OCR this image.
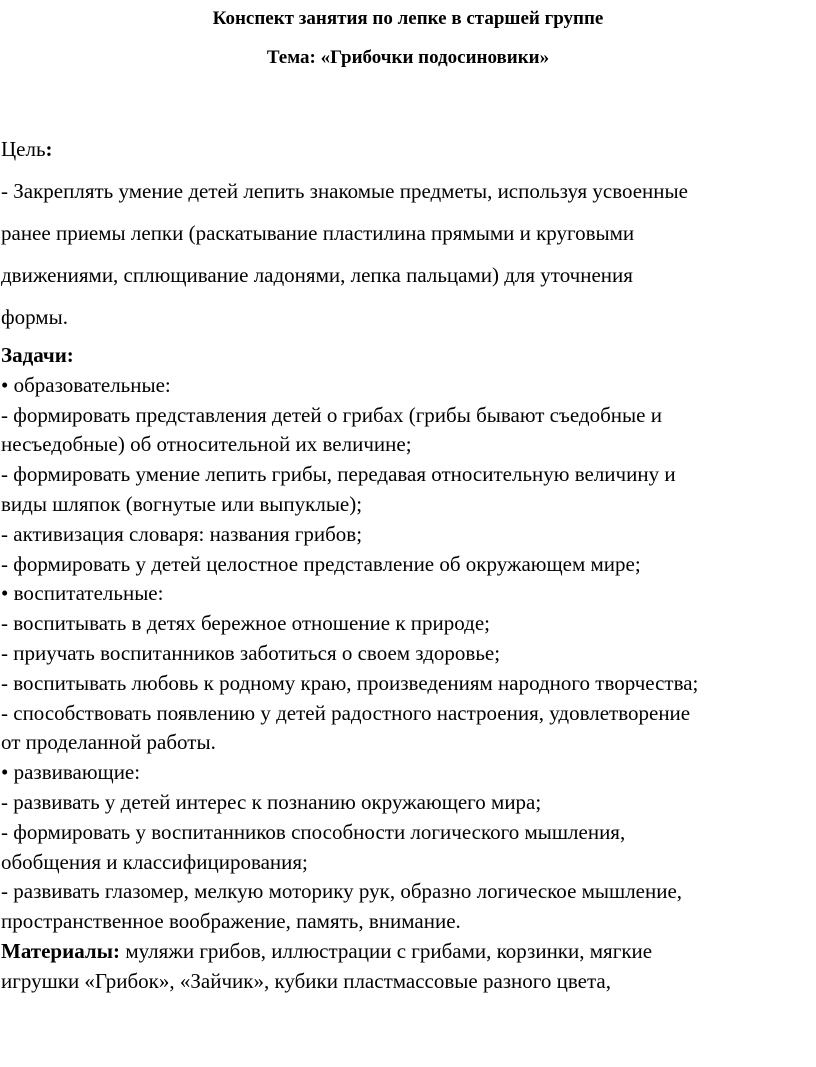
Конспект занятия по лепке в старшей группе
Тема: «Грибочки подосиновики»

Цель:

- Закреплять умение детей лепить знакомые предметы, используя усвоенные

ранее приемы лепки (раскатывание пластилина прямыми и круговыми

движениями, сплющивание ладонями, лепка пальцами) для уточнения

формы.

Задачи:

• образовательные:

- формировать представления детей о грибах (грибы бывают съедобные и

несъедобные) об относительной их величине;

- формировать умение лепить грибы, передавая относительную величину и

виды шляпок (вогнутые или выпуклые);

- активизация словаря: названия грибов;

- формировать у детей целостное представление об окружающем мире;

• воспитательные:

- воспитывать в детях бережное отношение к природе;

- приучать воспитанников заботиться о своем здоровье;

- воспитывать любовь к родному краю, произведениям народного творчества;

- способствовать появлению у детей радостного настроения, удовлетворение

от проделанной работы.

• развивающие:

- развивать у детей интерес к познанию окружающего мира;

- формировать у воспитанников способности логического мышления,

обобщения и классифицирования;

- развивать глазомер, мелкую моторику рук, образно логическое мышление,

пространственное воображение, память, внимание.

Материалы: муляжи грибов, иллюстрации с грибами, корзинки, мягкие

игрушки «Грибок», «Зайчик», кубики пластмассовые разного цвета,
